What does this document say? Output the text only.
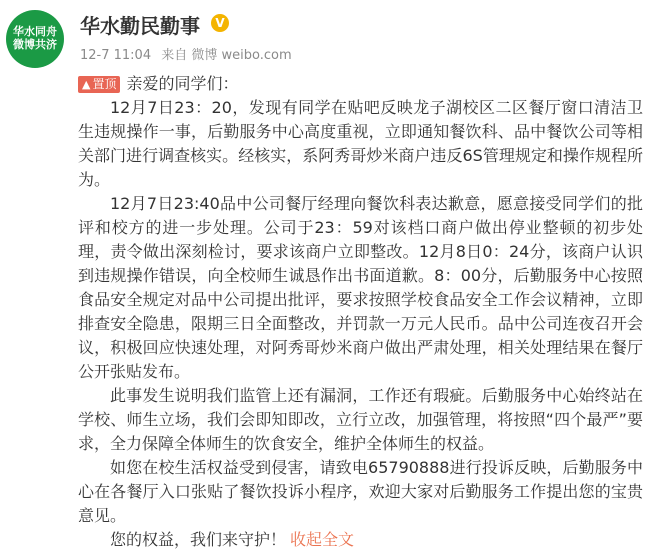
华水同舟
微博共济
华水勤民勤事	V
12-7 11:04 来自 微博 weibo.com

▲ 置顶 亲爱的同学们：

12月7日23：20，发现有同学在贴吧反映龙子湖校区二区餐厅窗口清洁卫生违规操作一事，后勤服务中心高度重视，立即通知餐饮科、品中餐饮公司等相关部门进行调查核实。经核实，系阿秀哥炒米商户违反6S管理规定和操作规程所为。

12月7日23:40品中公司餐厅经理向餐饮科表达歉意，愿意接受同学们的批评和校方的进一步处理。公司于23：59对该档口商户做出停业整顿的初步处理，责令做出深刻检讨，要求该商户立即整改。12月8日0：24分，该商户认识到违规操作错误，向全校师生诚恳作出书面道歉。8：00分，后勤服务中心按照食品安全规定对品中公司提出批评，要求按照学校食品安全工作会议精神，立即排查安全隐患，限期三日全面整改，并罚款一万元人民币。品中公司连夜召开会议，积极回应快速处理，对阿秀哥炒米商户做出严肃处理，相关处理结果在餐厅公开张贴发布。

此事发生说明我们监管上还有漏洞，工作还有瑕疵。后勤服务中心始终站在学校、师生立场，我们会即知即改，立行立改，加强管理，将按照“四个最严”要求，全力保障全体师生的饮食安全，维护全体师生的权益。

如您在校生活权益受到侵害，请致电65790888进行投诉反映，后勤服务中心在各餐厅入口张贴了餐饮投诉小程序，欢迎大家对后勤服务工作提出您的宝贵意见。

您的权益，我们来守护！ 收起全文
